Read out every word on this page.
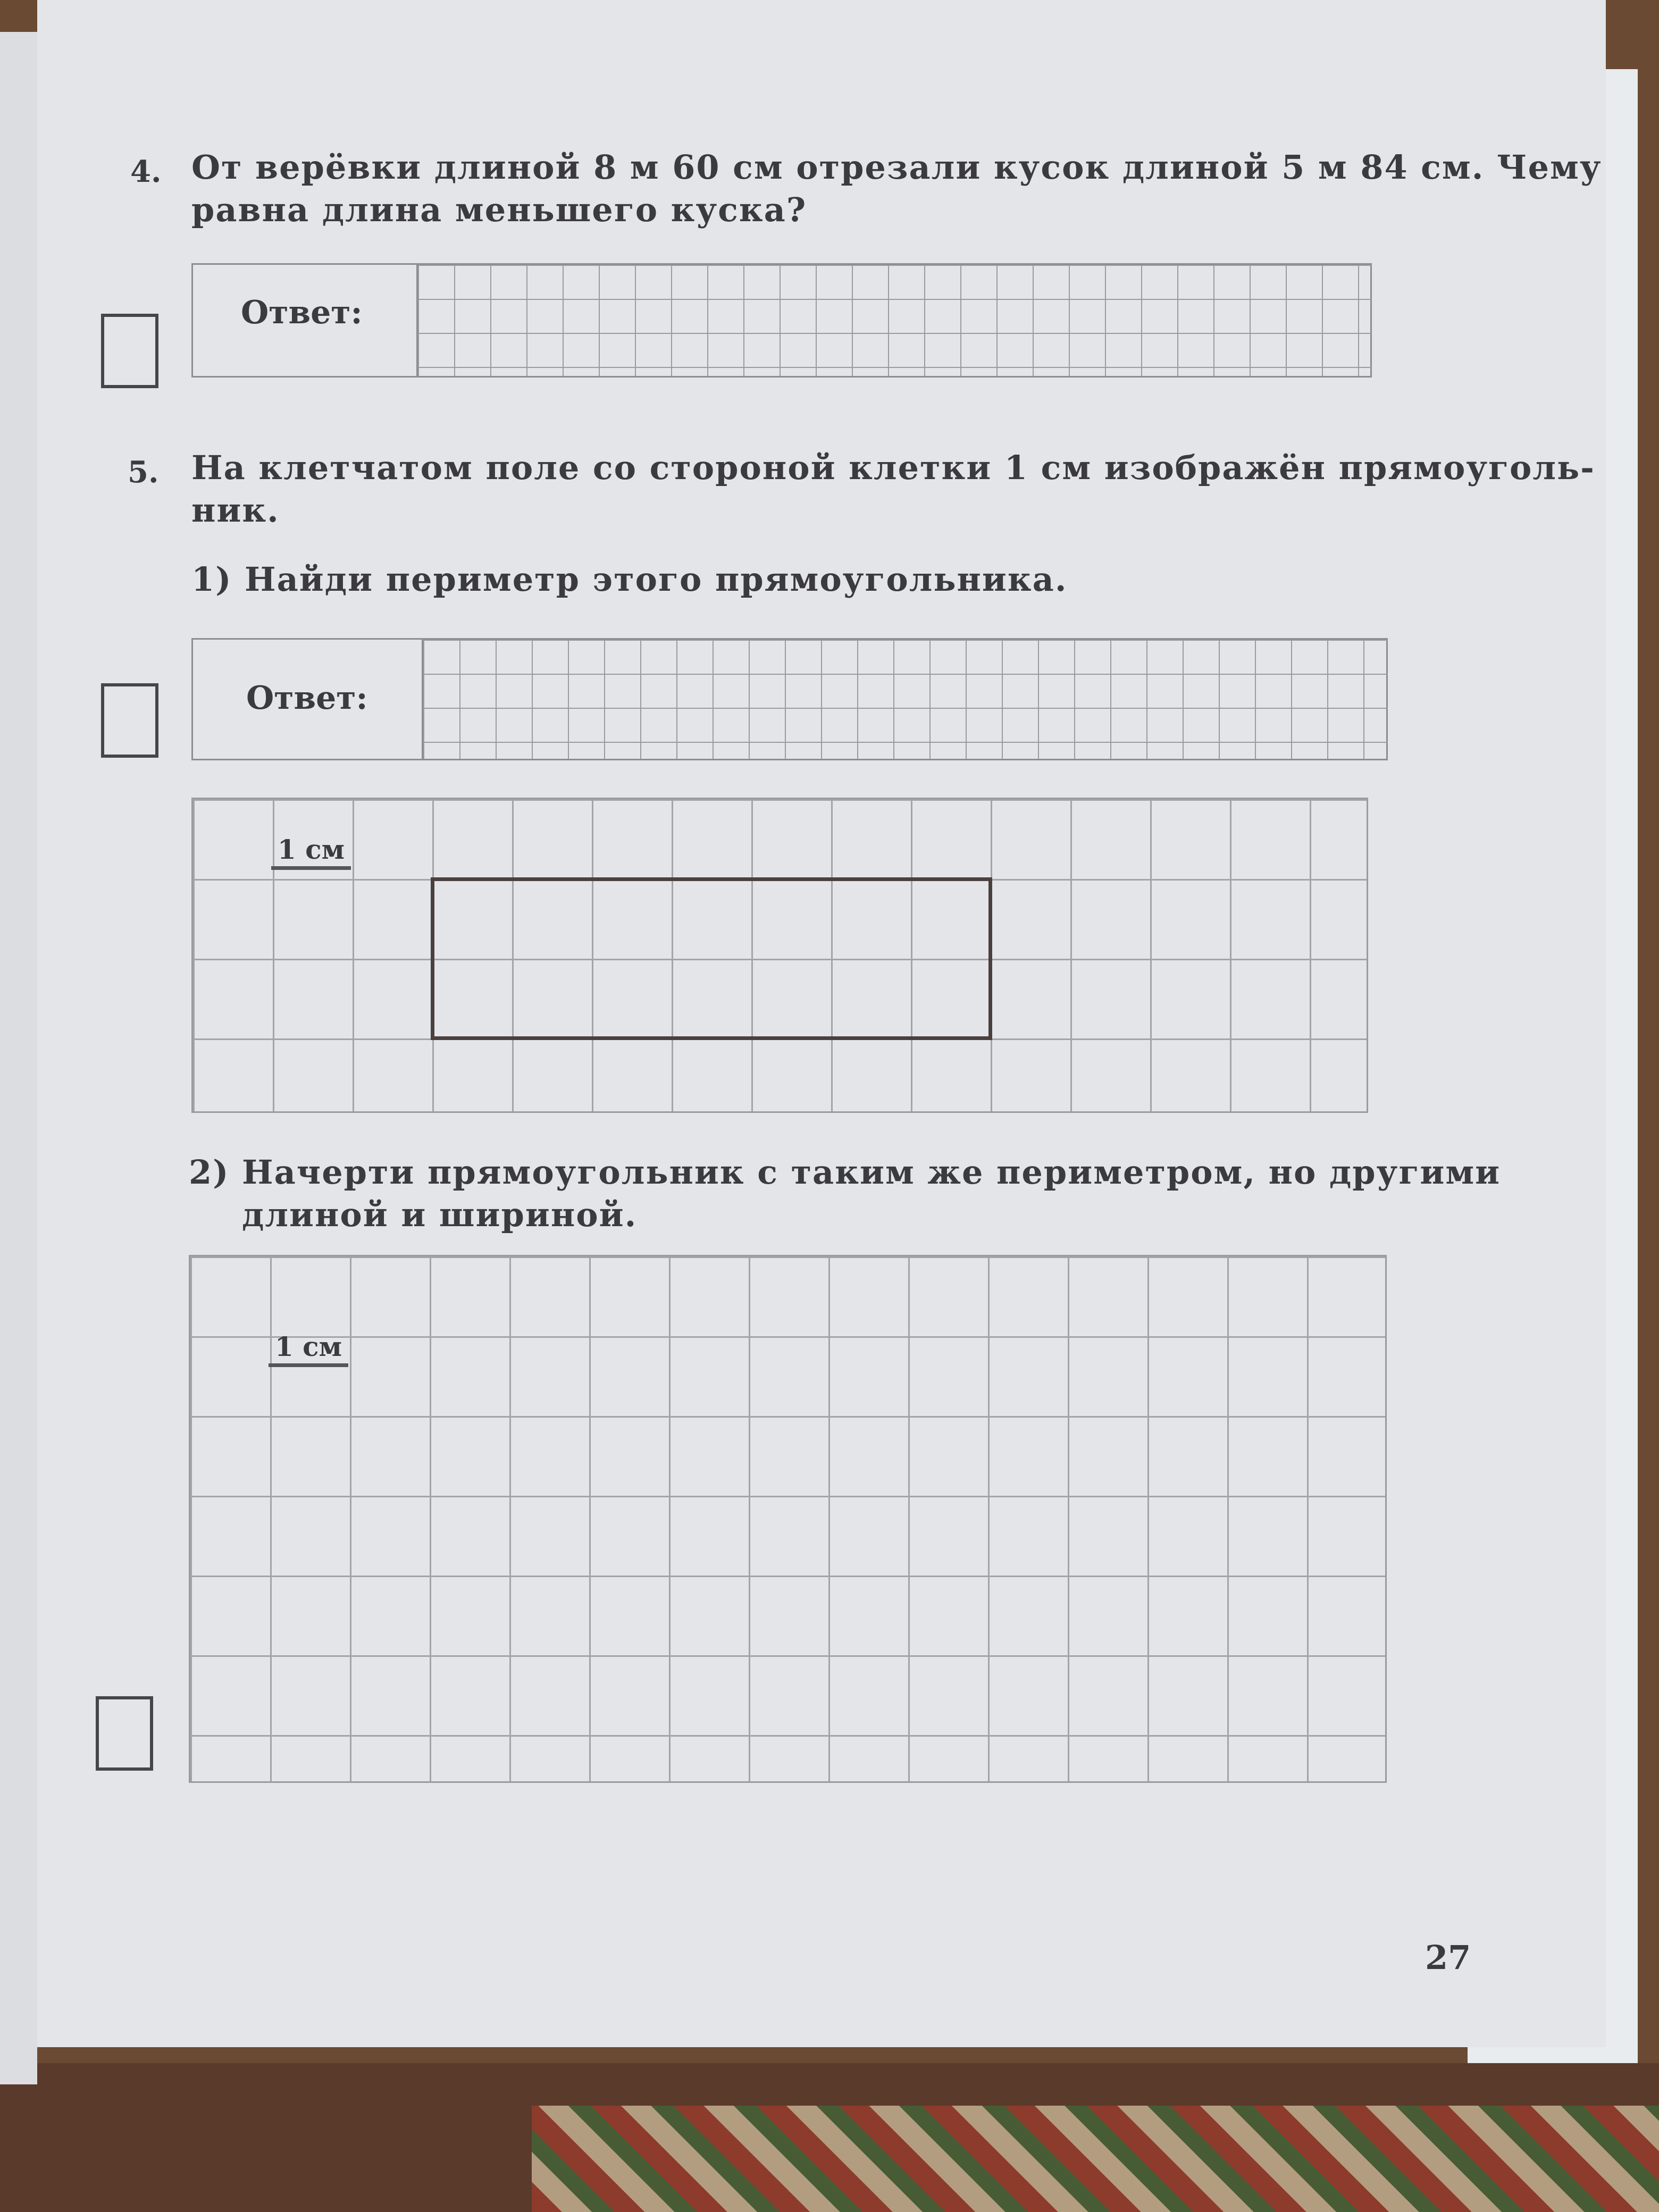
4. От верёвки длиной 8 м 60 см отрезали кусок длиной 5 м 84 см. Чему
равна длина меньшего куска?
Ответ:
5. На клетчатом поле со стороной клетки 1 см изображён прямоуголь-
ник.
1) Найди периметр этого прямоугольника.
Ответ:
1 см
2) Начерти прямоугольник с таким же периметром, но другими
длиной и шириной.
1 см
27
